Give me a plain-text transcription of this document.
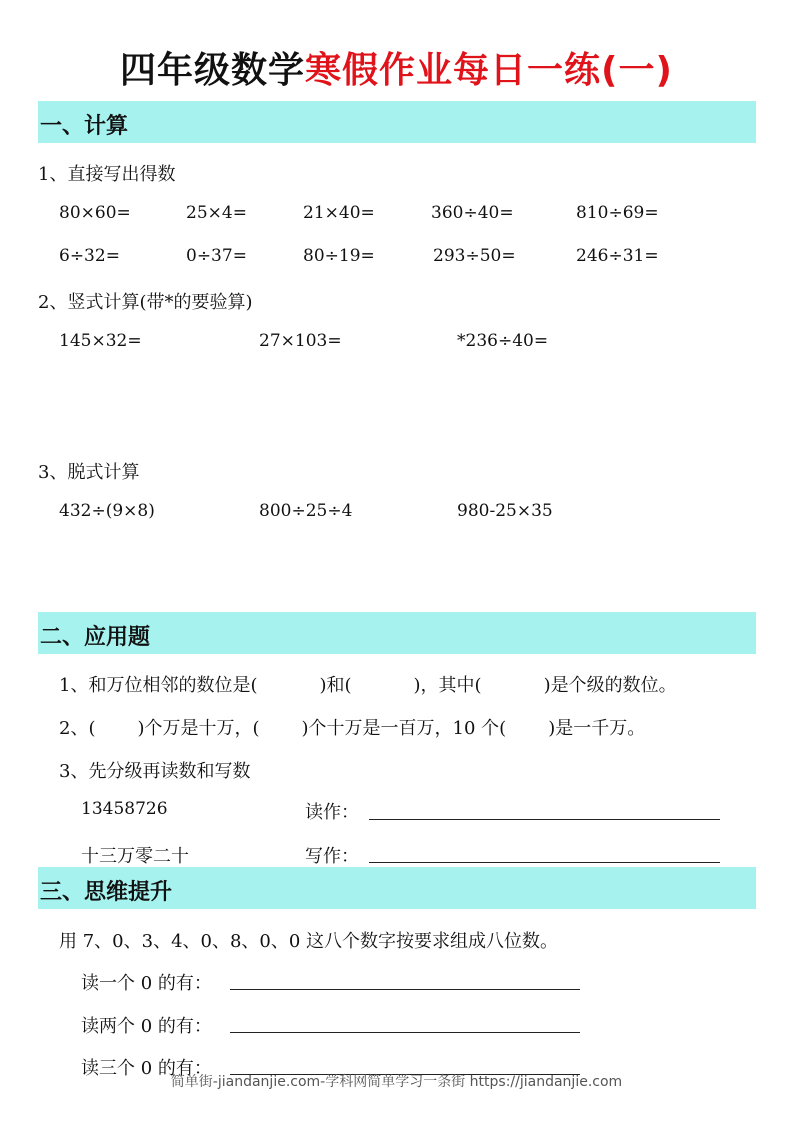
四年级数学寒假作业每日一练(一)
一、计算
1、直接写出得数
80×60=	25×4=	21×40=	360÷40=	810÷69=
6÷32=	0÷37=	80÷19=	293÷50=	246÷31=
2、竖式计算(带*的要验算)
145×32=	27×103=	*236÷40=
3、脱式计算
432÷(9×8)	800÷25÷4	980-25×35
二、应用题
1、和万位相邻的数位是(	)和(	)，其中(	)是个级的数位。
2、( )个万是十万，( )个十万是一百万，10 个( )是一千万。
3、先分级再读数和写数
13458726	读作：
十三万零二十	写作：
三、思维提升
用 7、0、3、4、0、8、0、0 这八个数字按要求组成八位数。
读一个 0 的有：
读两个 0 的有：
读三个 0 的有：
简单街-jiandanjie.com-学科网简单学习一条街 https://jiandanjie.com
